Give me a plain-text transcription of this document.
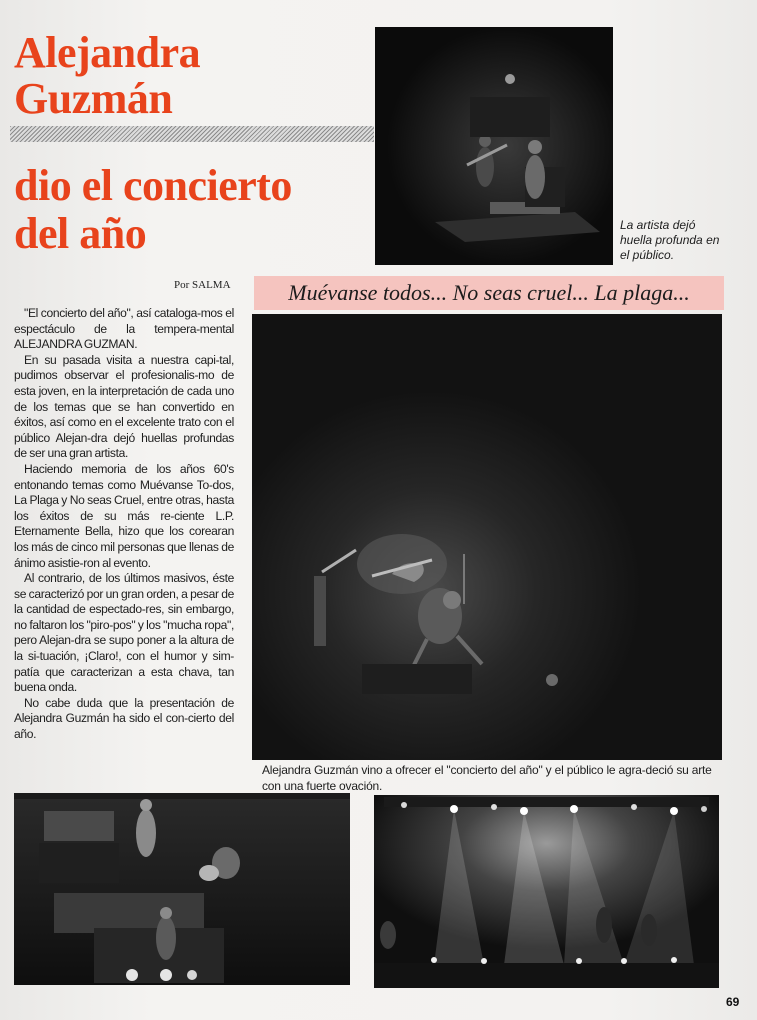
Alejandra
Guzmán
dio el concierto
del año
Por SALMA

"El concierto del año", así cataloga-mos el espectáculo de la tempera-mental ALEJANDRA GUZMAN.

En su pasada visita a nuestra capi-tal, pudimos observar el profesionalis-mo de esta joven, en la interpretación de cada uno de los temas que se han convertido en éxitos, así como en el excelente trato con el público Alejan-dra dejó huellas profundas de ser una gran artista.

Haciendo memoria de los años 60's entonando temas como Muévanse To-dos, La Plaga y No seas Cruel, entre otras, hasta los éxitos de su más re-ciente L.P. Eternamente Bella, hizo que los corearan los más de cinco mil personas que llenas de ánimo asistie-ron al evento.

Al contrario, de los últimos masivos, éste se caracterizó por un gran orden, a pesar de la cantidad de espectado-res, sin embargo, no faltaron los "piro-pos" y los "mucha ropa", pero Alejan-dra se supo poner a la altura de la si-tuación, ¡Claro!, con el humor y sim-patía que caracterizan a esta chava, tan buena onda.

No cabe duda que la presentación de Alejandra Guzmán ha sido el con-cierto del año.

La artista dejó huella profunda en el público.
Muévanse todos... No seas cruel... La plaga...
Alejandra Guzmán vino a ofrecer el "concierto del año" y el público le agra-deció su arte con una fuerte ovación.
69
